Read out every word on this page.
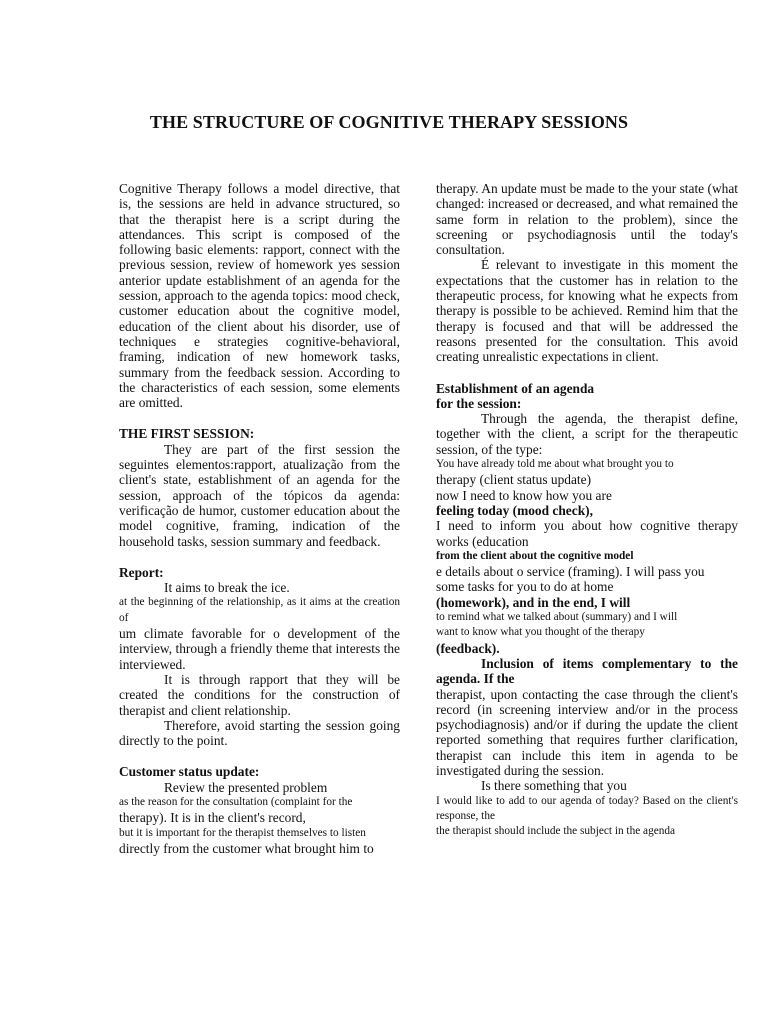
THE STRUCTURE OF COGNITIVE THERAPY SESSIONS

Cognitive Therapy follows a model directive, that is, the sessions are held in advance structured, so that the therapist here is a script during the attendances. This script is composed of the following basic elements: rapport, connect with the previous session, review of homework yes session anterior update establishment of an agenda for the session, approach to the agenda topics: mood check, customer education about the cognitive model, education of the client about his disorder, use of techniques e strategies cognitive-behavioral, framing, indication of new homework tasks, summary from the feedback session. According to the characteristics of each session, some elements are omitted.

THE FIRST SESSION:

They are part of the first session the seguintes elementos:rapport, atualização from the client's state, establishment of an agenda for the session, approach of the tópicos da agenda: verificação de humor, customer education about the model cognitive, framing, indication of the household tasks, session summary and feedback.

Report:

It aims to break the ice.

at the beginning of the relationship, as it aims at the creation of

um climate favorable for o development of the interview, through a friendly theme that interests the interviewed.

It is through rapport that they will be created the conditions for the construction of therapist and client relationship.

Therefore, avoid starting the session going directly to the point.

Customer status update:

Review the presented problem

as the reason for the consultation (complaint for the

therapy). It is in the client's record,

but it is important for the therapist themselves to listen

directly from the customer what brought him to

therapy. An update must be made to the your state (what changed: increased or decreased, and what remained the same form in relation to the problem), since the screening or psychodiagnosis until the today's consultation.

É relevant to investigate in this moment the expectations that the customer has in relation to the therapeutic process, for knowing what he expects from therapy is possible to be achieved. Remind him that the therapy is focused and that will be addressed the reasons presented for the consultation. This avoid creating unrealistic expectations in client.

Establishment of an agenda
for the session:

Through the agenda, the therapist define, together with the client, a script for the therapeutic session, of the type:

You have already told me about what brought you to

therapy (client status update)

now I need to know how you are

feeling today (mood check),

I need to inform you about how cognitive therapy works (education

from the client about the cognitive model

e details about o service (framing). I will pass you

some tasks for you to do at home

(homework), and in the end, I will

to remind what we talked about (summary) and I will

want to know what you thought of the therapy

(feedback).

Inclusion of items complementary to the agenda. If the

therapist, upon contacting the case through the client's record (in screening interview and/or in the process psychodiagnosis) and/or if during the update the client reported something that requires further clarification, therapist can include this item in agenda to be investigated during the session.

Is there something that you

I would like to add to our agenda of today? Based on the client's response, the

the therapist should include the subject in the agenda
